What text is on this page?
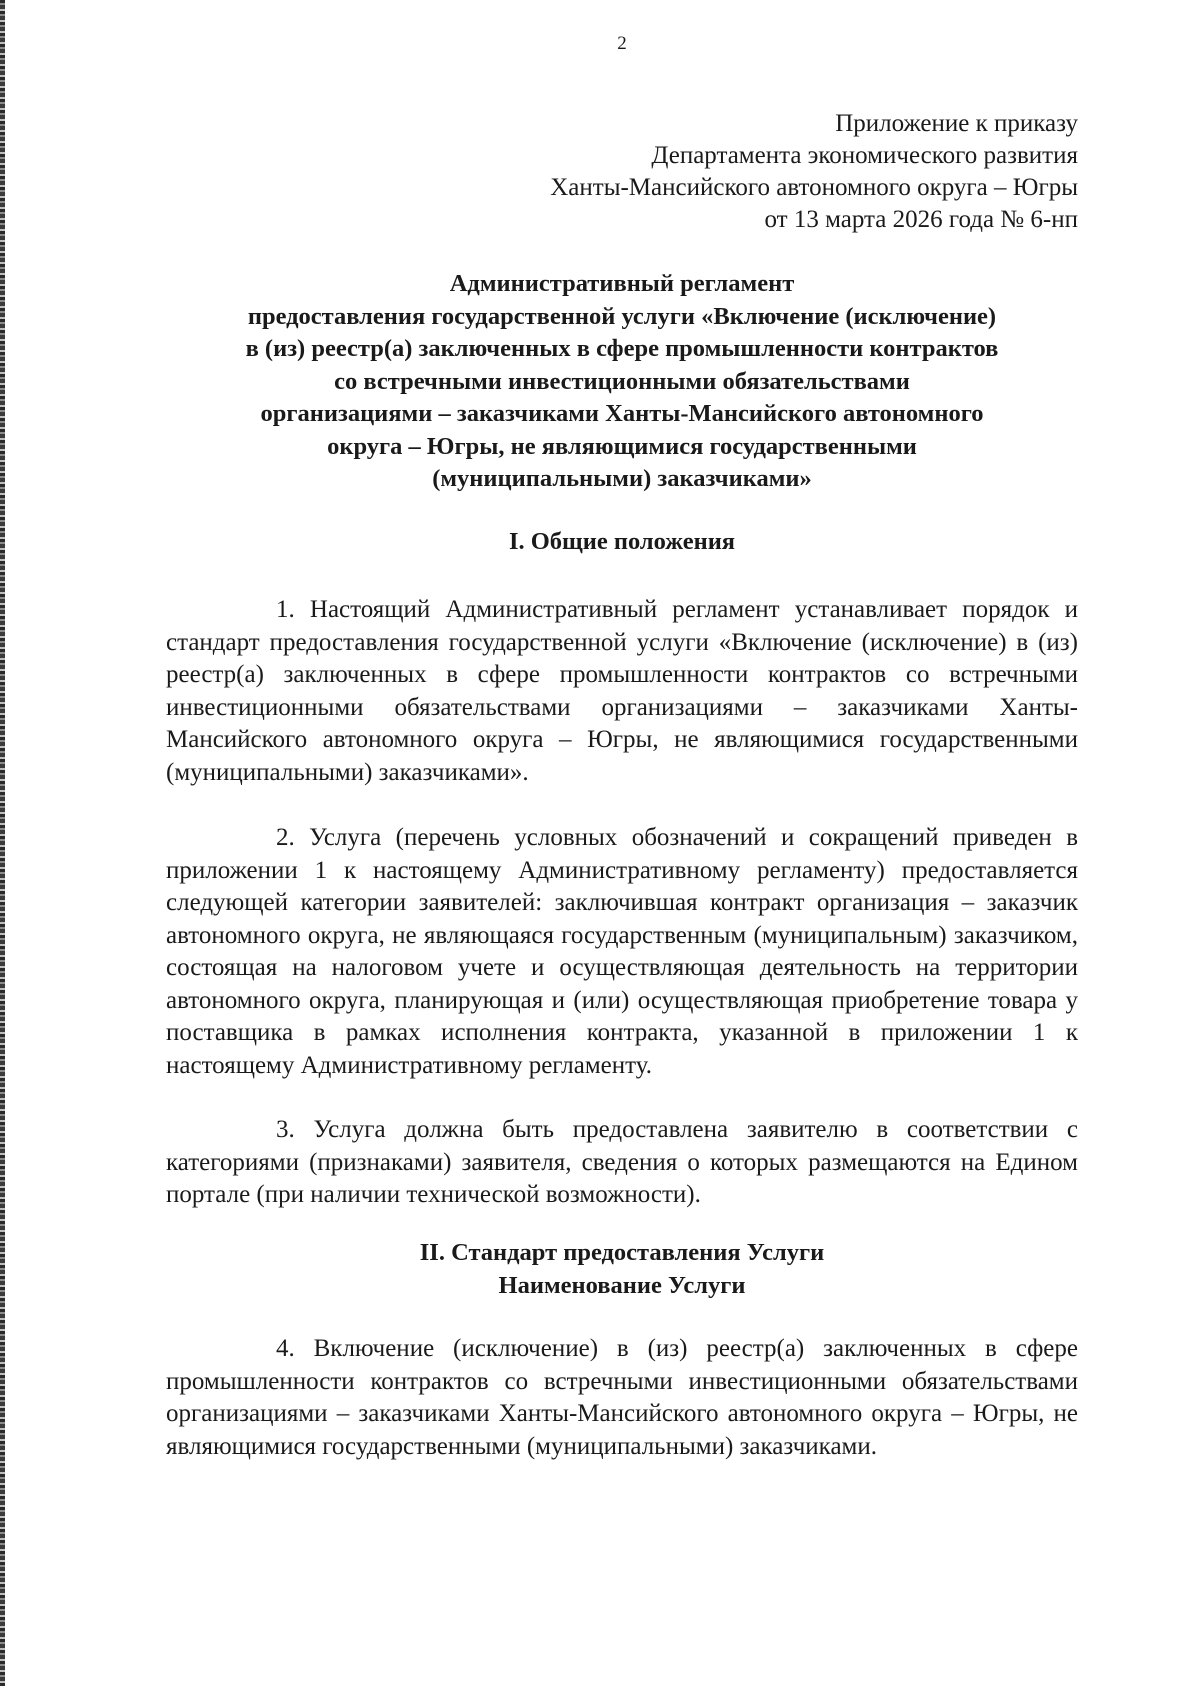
2
Приложение к приказу
Департамента экономического развития
Ханты-Мансийского автономного округа – Югры
от 13 марта 2026 года № 6-нп
Административный регламент
предоставления государственной услуги «Включение (исключение)
в (из) реестр(а) заключенных в сфере промышленности контрактов
со встречными инвестиционными обязательствами
организациями – заказчиками Ханты-Мансийского автономного
округа – Югры, не являющимися государственными
(муниципальными) заказчиками»
I. Общие положения

1. Настоящий Административный регламент устанавливает порядок и стандарт предоставления государственной услуги «Включение (исключение) в (из) реестр(а) заключенных в сфере промышленности контрактов со встречными инвестиционными обязательствами организациями – заказчиками Ханты-Мансийского автономного округа – Югры, не являющимися государственными (муниципальными) заказчиками».

2. Услуга (перечень условных обозначений и сокращений приведен в приложении 1 к настоящему Административному регламенту) предоставляется следующей категории заявителей: заключившая контракт организация – заказчик автономного округа, не являющаяся государственным (муниципальным) заказчиком, состоящая на налоговом учете и осуществляющая деятельность на территории автономного округа, планирующая и (или) осуществляющая приобретение товара у поставщика в рамках исполнения контракта, указанной в приложении 1 к настоящему Административному регламенту.

3. Услуга должна быть предоставлена заявителю в соответствии с категориями (признаками) заявителя, сведения о которых размещаются на Едином портале (при наличии технической возможности).

II. Стандарт предоставления Услуги
Наименование Услуги

4. Включение (исключение) в (из) реестр(а) заключенных в сфере промышленности контрактов со встречными инвестиционными обязательствами организациями – заказчиками Ханты-Мансийского автономного округа – Югры, не являющимися государственными (муниципальными) заказчиками.
